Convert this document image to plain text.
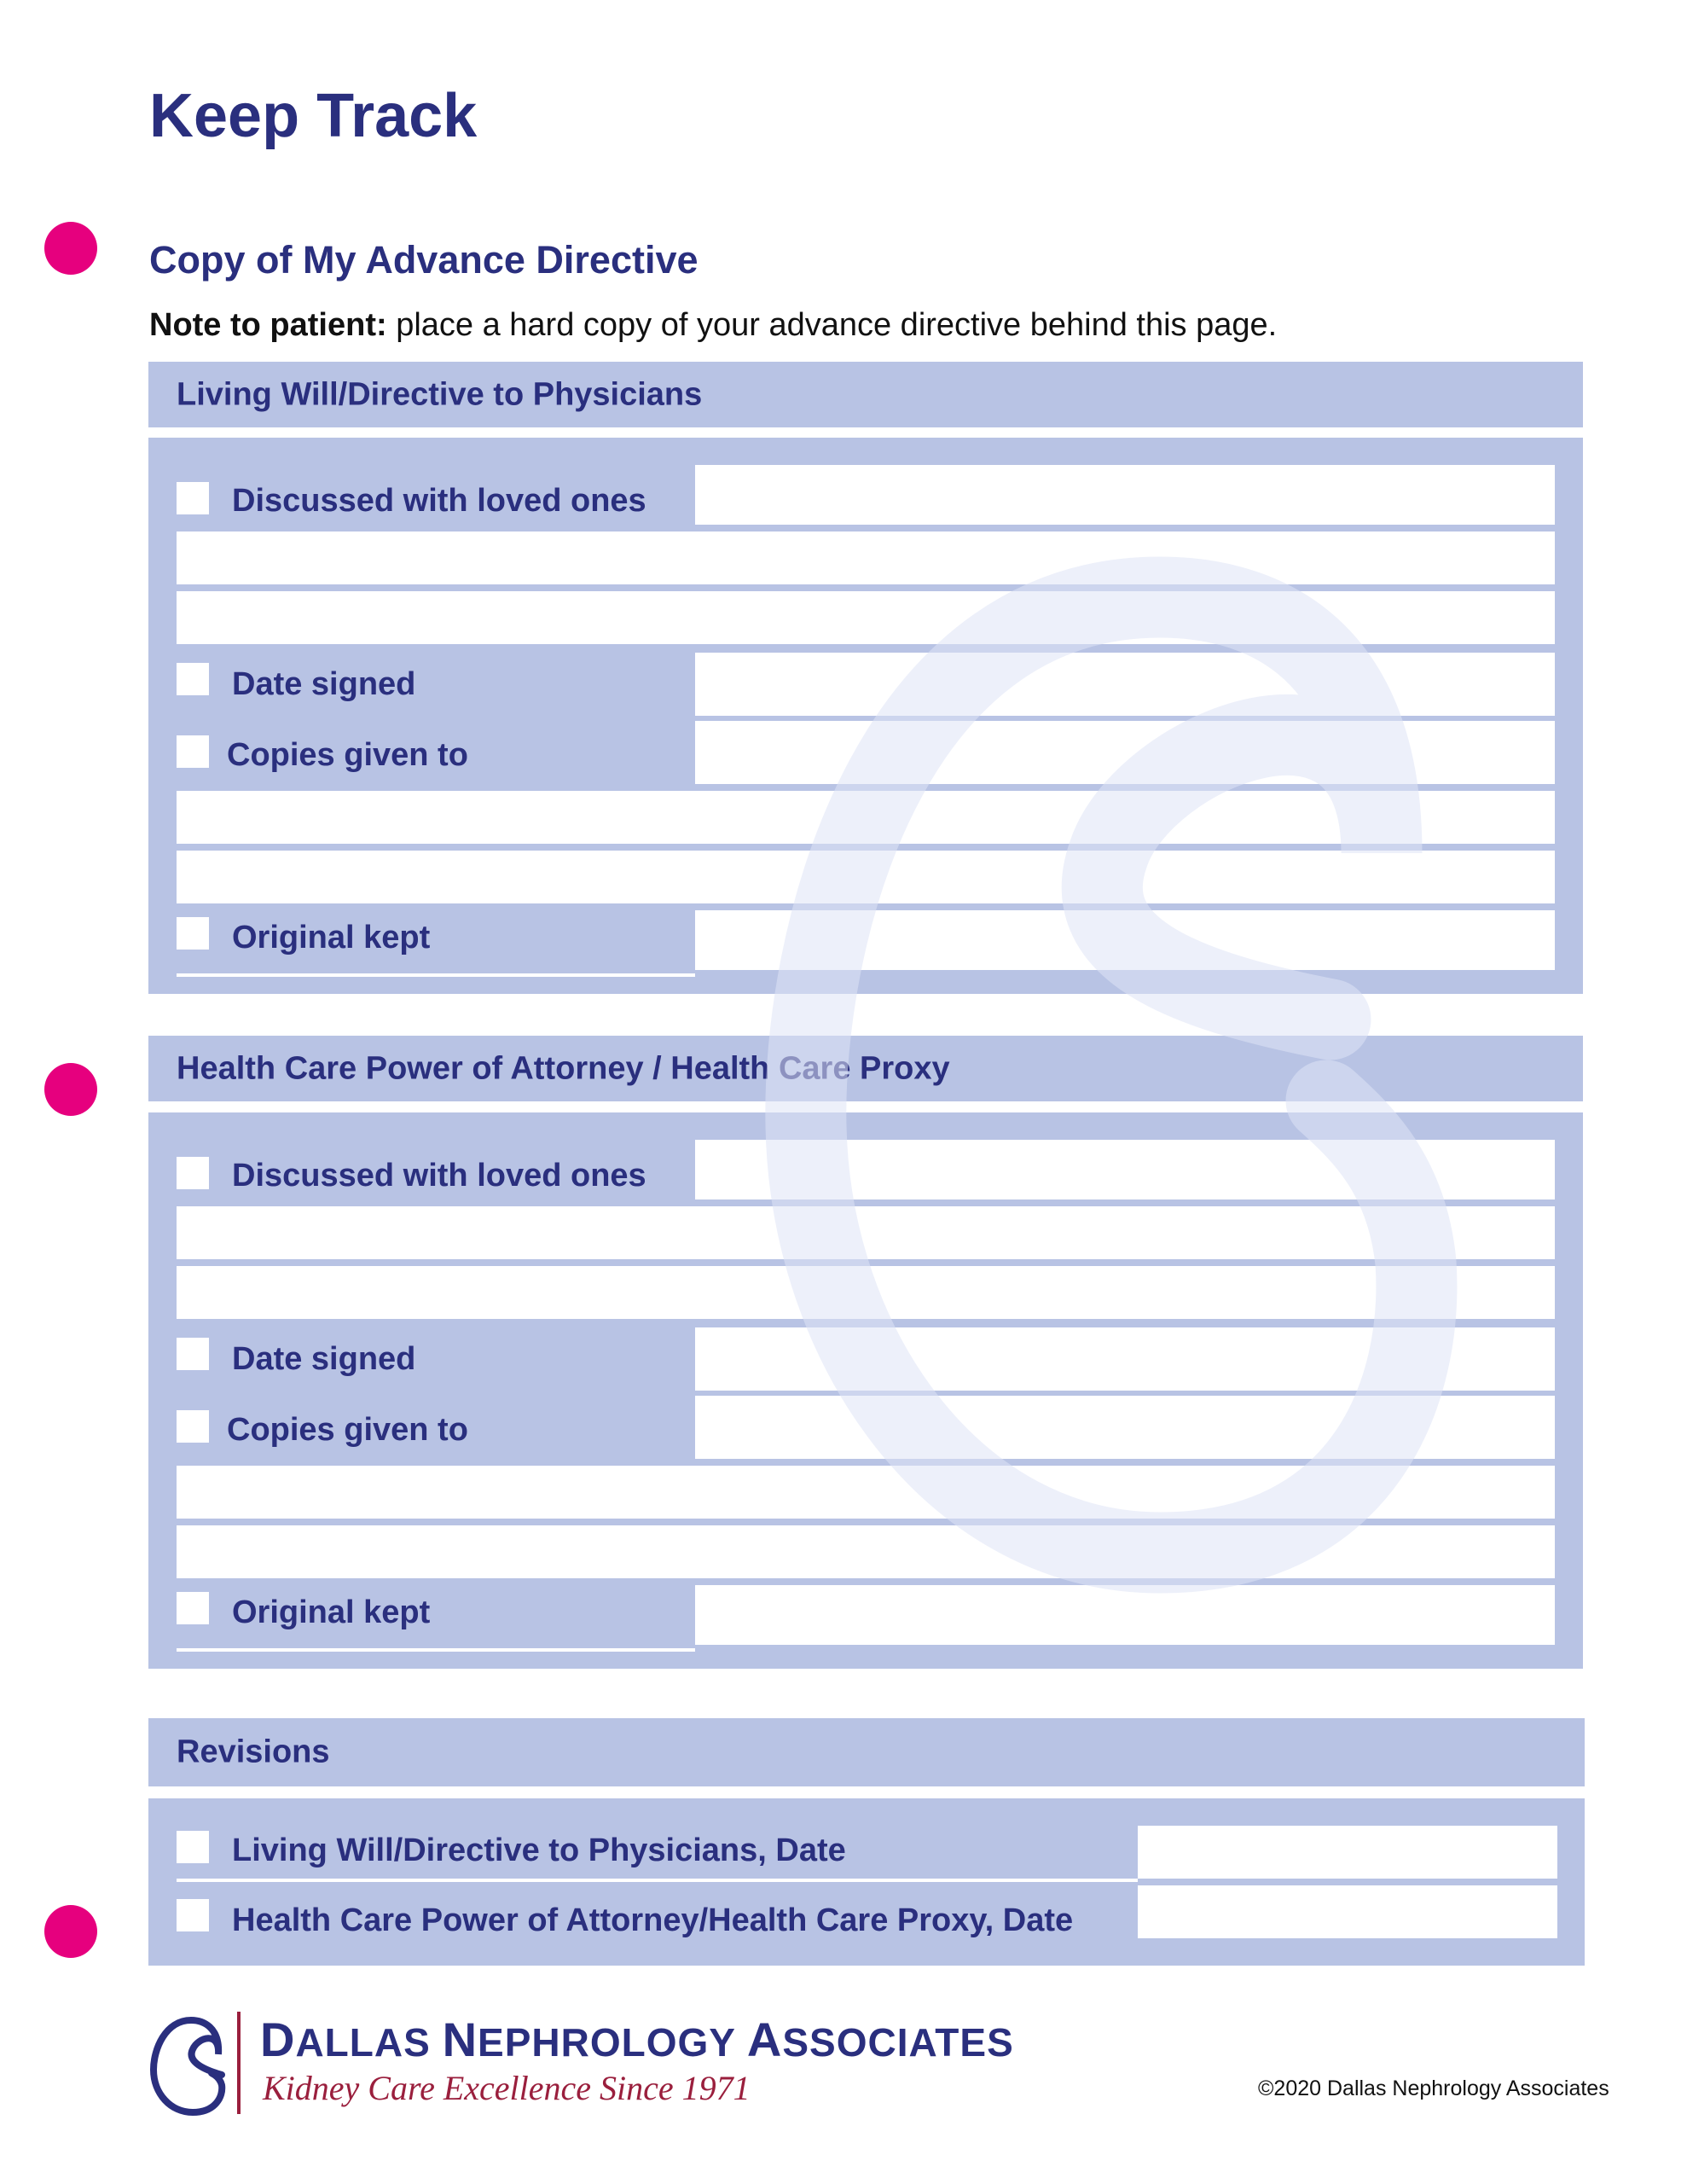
Keep Track
Copy of My Advance Directive
Note to patient: place a hard copy of your advance directive behind this page.
Living Will/Directive to Physicians
Discussed with loved ones
Date signed
Copies given to
Original kept
Health Care Power of Attorney / Health Care Proxy
Discussed with loved ones
Date signed
Copies given to
Original kept
Revisions
Living Will/Directive to Physicians, Date
Health Care Power of Attorney/Health Care Proxy, Date
DALLAS NEPHROLOGY ASSOCIATES
Kidney Care Excellence Since 1971	©2020 Dallas Nephrology Associates
